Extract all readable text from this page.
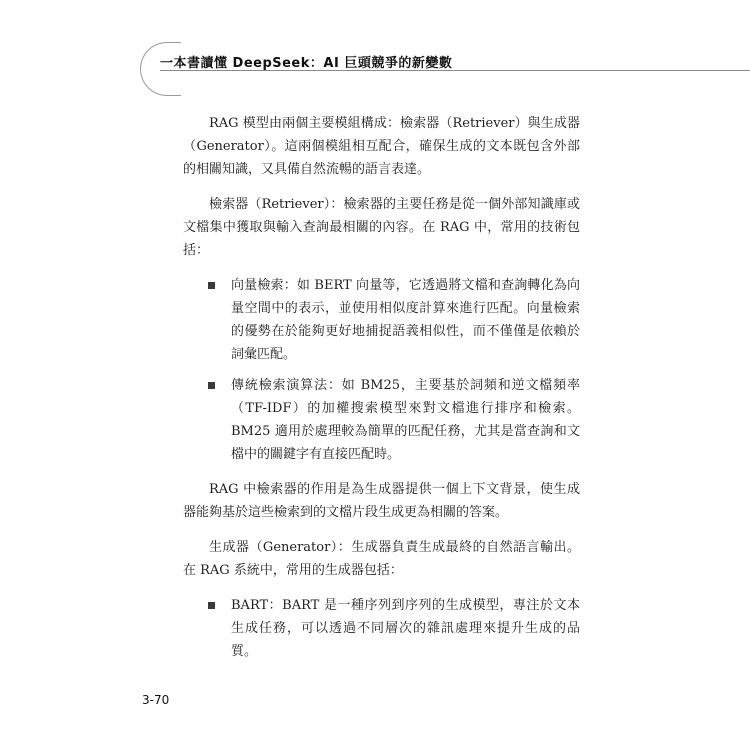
一本書讀懂 DeepSeek：AI 巨頭競爭的新變數

RAG 模型由兩個主要模組構成：檢索器（Retriever）與生成器（Generator）。這兩個模組相互配合，確保生成的文本既包含外部的相關知識，又具備自然流暢的語言表達。

檢索器（Retriever）：檢索器的主要任務是從一個外部知識庫或文檔集中獲取與輸入查詢最相關的內容。在 RAG 中，常用的技術包括：

向量檢索：如 BERT 向量等，它透過將文檔和查詢轉化為向量空間中的表示，並使用相似度計算來進行匹配。向量檢索的優勢在於能夠更好地捕捉語義相似性，而不僅僅是依賴於詞彙匹配。
傳統檢索演算法：如 BM25，主要基於詞頻和逆文檔頻率（TF-IDF）的加權搜索模型來對文檔進行排序和檢索。BM25 適用於處理較為簡單的匹配任務，尤其是當查詢和文檔中的關鍵字有直接匹配時。

RAG 中檢索器的作用是為生成器提供一個上下文背景，使生成器能夠基於這些檢索到的文檔片段生成更為相關的答案。

生成器（Generator）：生成器負責生成最終的自然語言輸出。在 RAG 系統中，常用的生成器包括：

BART：BART 是一種序列到序列的生成模型，專注於文本生成任務，可以透過不同層次的雜訊處理來提升生成的品質。
3-70
